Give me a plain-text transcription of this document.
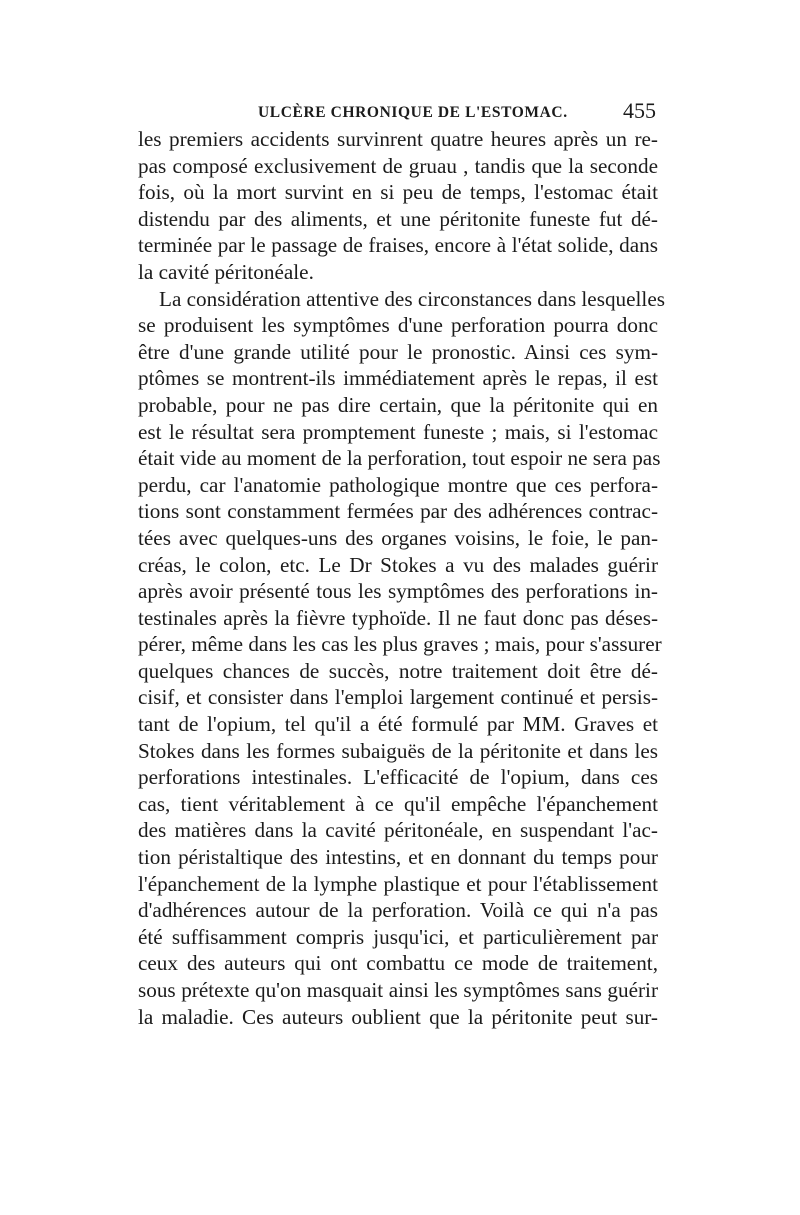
ULCÈRE CHRONIQUE DE L'ESTOMAC.	455
les premiers accidents survinrent quatre heures après un re-
pas composé exclusivement de gruau , tandis que la seconde
fois, où la mort survint en si peu de temps, l'estomac était
distendu par des aliments, et une péritonite funeste fut dé-
terminée par le passage de fraises, encore à l'état solide, dans
la cavité péritonéale.
La considération attentive des circonstances dans lesquelles
se produisent les symptômes d'une perforation pourra donc
être d'une grande utilité pour le pronostic. Ainsi ces sym-
ptômes se montrent-ils immédiatement après le repas, il est
probable, pour ne pas dire certain, que la péritonite qui en
est le résultat sera promptement funeste ; mais, si l'estomac
était vide au moment de la perforation, tout espoir ne sera pas
perdu, car l'anatomie pathologique montre que ces perfora-
tions sont constamment fermées par des adhérences contrac-
tées avec quelques-uns des organes voisins, le foie, le pan-
créas, le colon, etc. Le Dr Stokes a vu des malades guérir
après avoir présenté tous les symptômes des perforations in-
testinales après la fièvre typhoïde. Il ne faut donc pas déses-
pérer, même dans les cas les plus graves ; mais, pour s'assurer
quelques chances de succès, notre traitement doit être dé-
cisif, et consister dans l'emploi largement continué et persis-
tant de l'opium, tel qu'il a été formulé par MM. Graves et
Stokes dans les formes subaiguës de la péritonite et dans les
perforations intestinales. L'efficacité de l'opium, dans ces
cas, tient véritablement à ce qu'il empêche l'épanchement
des matières dans la cavité péritonéale, en suspendant l'ac-
tion péristaltique des intestins, et en donnant du temps pour
l'épanchement de la lymphe plastique et pour l'établissement
d'adhérences autour de la perforation. Voilà ce qui n'a pas
été suffisamment compris jusqu'ici, et particulièrement par
ceux des auteurs qui ont combattu ce mode de traitement,
sous prétexte qu'on masquait ainsi les symptômes sans guérir
la maladie. Ces auteurs oublient que la péritonite peut sur-
